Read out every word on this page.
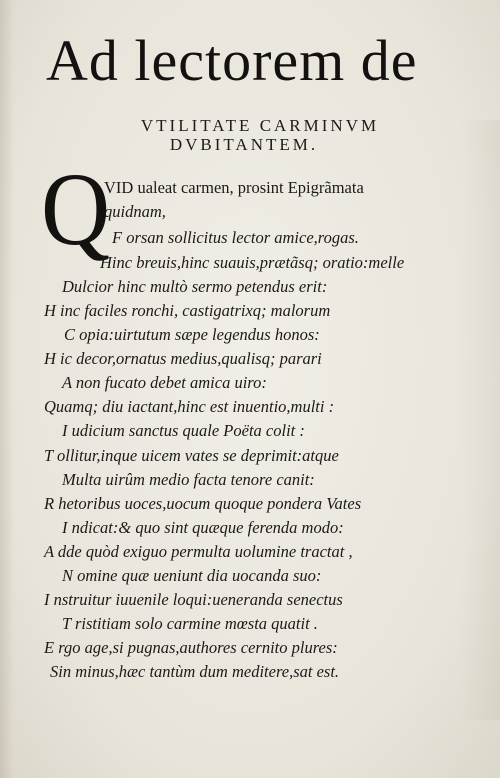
Ad lectorem de
VTILITATE CARMINVM
DVBITANTEM.
Q
VID ualeat carmen, prosint Epigrãmata
quidnam,
F orsan sollicitus lector amice,rogas.
Hinc breuis,hinc suauis,prætãsq; oratio:melle
Dulcior hinc multò sermo petendus erit:
H inc faciles ronchi, castigatrixq; malorum
C opia:uirtutum sæpe legendus honos:
H ic decor,ornatus medius,qualisq; parari
A non fucato debet amica uiro:
Quamq; diu iactant,hinc est inuentio,multi :
I udicium sanctus quale Poëta colit :
T ollitur,inque uicem vates se deprimit:atque
Multa uirûm medio facta tenore canit:
R hetoribus uoces,uocum quoque pondera Vates
I ndicat:& quo sint quæque ferenda modo:
A dde quòd exiguo permulta uolumine tractat ,
N omine quæ ueniunt dia uocanda suo:
I nstruitur iuuenile loqui:ueneranda senectus
T ristitiam solo carmine mœsta quatit .
E rgo age,si pugnas,authores cernito plures:
Sin minus,hæc tantùm dum meditere,sat est.
